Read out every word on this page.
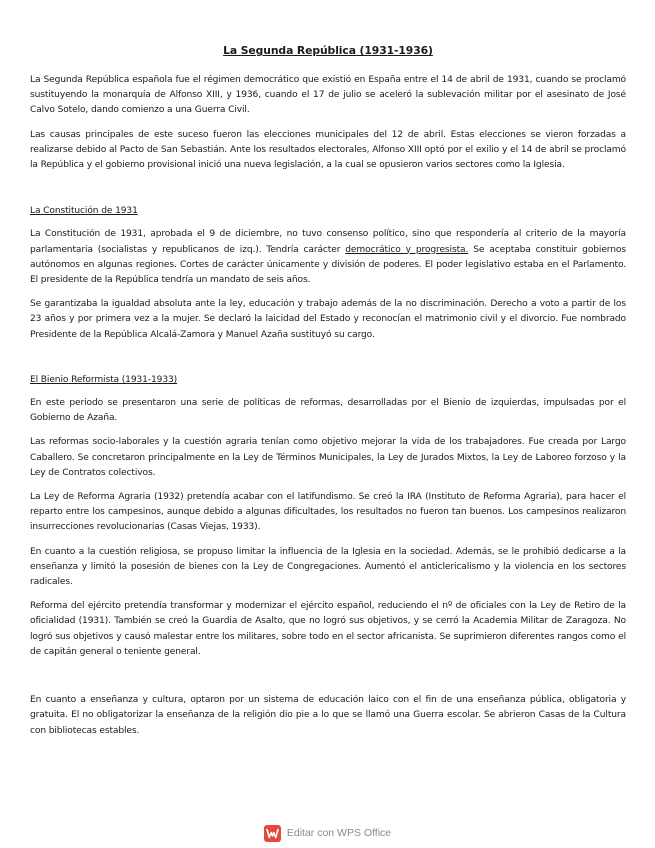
La Segunda República (1931-1936)

La Segunda República española fue el régimen democrático que existió en España entre el 14 de abril de 1931, cuando se proclamó sustituyendo la monarquía de Alfonso XIII, y 1936, cuando el 17 de julio se aceleró la sublevación militar por el asesinato de José Calvo Sotelo, dando comienzo a una Guerra Civil.

Las causas principales de este suceso fueron las elecciones municipales del 12 de abril. Estas elecciones se vieron forzadas a realizarse debido al Pacto de San Sebastián. Ante los resultados electorales, Alfonso XIII optó por el exilio y el 14 de abril se proclamó la República y el gobierno provisional inició una nueva legislación, a la cual se opusieron varios sectores como la Iglesia.

La Constitución de 1931

La Constitución de 1931, aprobada el 9 de diciembre, no tuvo consenso político, sino que respondería al criterio de la mayoría parlamentaria (socialistas y republicanos de izq.). Tendría carácter democrático y progresista. Se aceptaba constituir gobiernos autónomos en algunas regiones. Cortes de carácter únicamente y división de poderes. El poder legislativo estaba en el Parlamento. El presidente de la República tendría un mandato de seis años.

Se garantizaba la igualdad absoluta ante la ley, educación y trabajo además de la no discriminación. Derecho a voto a partir de los 23 años y por primera vez a la mujer. Se declaró la laicidad del Estado y reconocían el matrimonio civil y el divorcio. Fue nombrado Presidente de la República Alcalá-Zamora y Manuel Azaña sustituyó su cargo.

El Bienio Reformista (1931-1933)

En este periodo se presentaron una serie de políticas de reformas, desarrolladas por el Bienio de izquierdas, impulsadas por el Gobierno de Azaña.

Las reformas socio-laborales y la cuestión agraria tenían como objetivo mejorar la vida de los trabajadores. Fue creada por Largo Caballero. Se concretaron principalmente en la Ley de Términos Municipales, la Ley de Jurados Mixtos, la Ley de Laboreo forzoso y la Ley de Contratos colectivos.

La Ley de Reforma Agraria (1932) pretendía acabar con el latifundismo. Se creó la IRA (Instituto de Reforma Agraria), para hacer el reparto entre los campesinos, aunque debido a algunas dificultades, los resultados no fueron tan buenos. Los campesinos realizaron insurrecciones revolucionarias (Casas Viejas, 1933).

En cuanto a la cuestión religiosa, se propuso limitar la influencia de la Iglesia en la sociedad. Además, se le prohibió dedicarse a la enseñanza y limitó la posesión de bienes con la Ley de Congregaciones. Aumentó el anticlericalismo y la violencia en los sectores radicales.

Reforma del ejército pretendía transformar y modernizar el ejército español, reduciendo el nº de oficiales con la Ley de Retiro de la oficialidad (1931). También se creó la Guardia de Asalto, que no logró sus objetivos, y se cerró la Academia Militar de Zaragoza. No logró sus objetivos y causó malestar entre los militares, sobre todo en el sector africanista. Se suprimieron diferentes rangos como el de capitán general o teniente general.

En cuanto a enseñanza y cultura, optaron por un sistema de educación laico con el fin de una enseñanza pública, obligatoria y gratuita. El no obligatorizar la enseñanza de la religión dio pie a lo que se llamó una Guerra escolar. Se abrieron Casas de la Cultura con bibliotecas estables.

Editar con WPS Office
